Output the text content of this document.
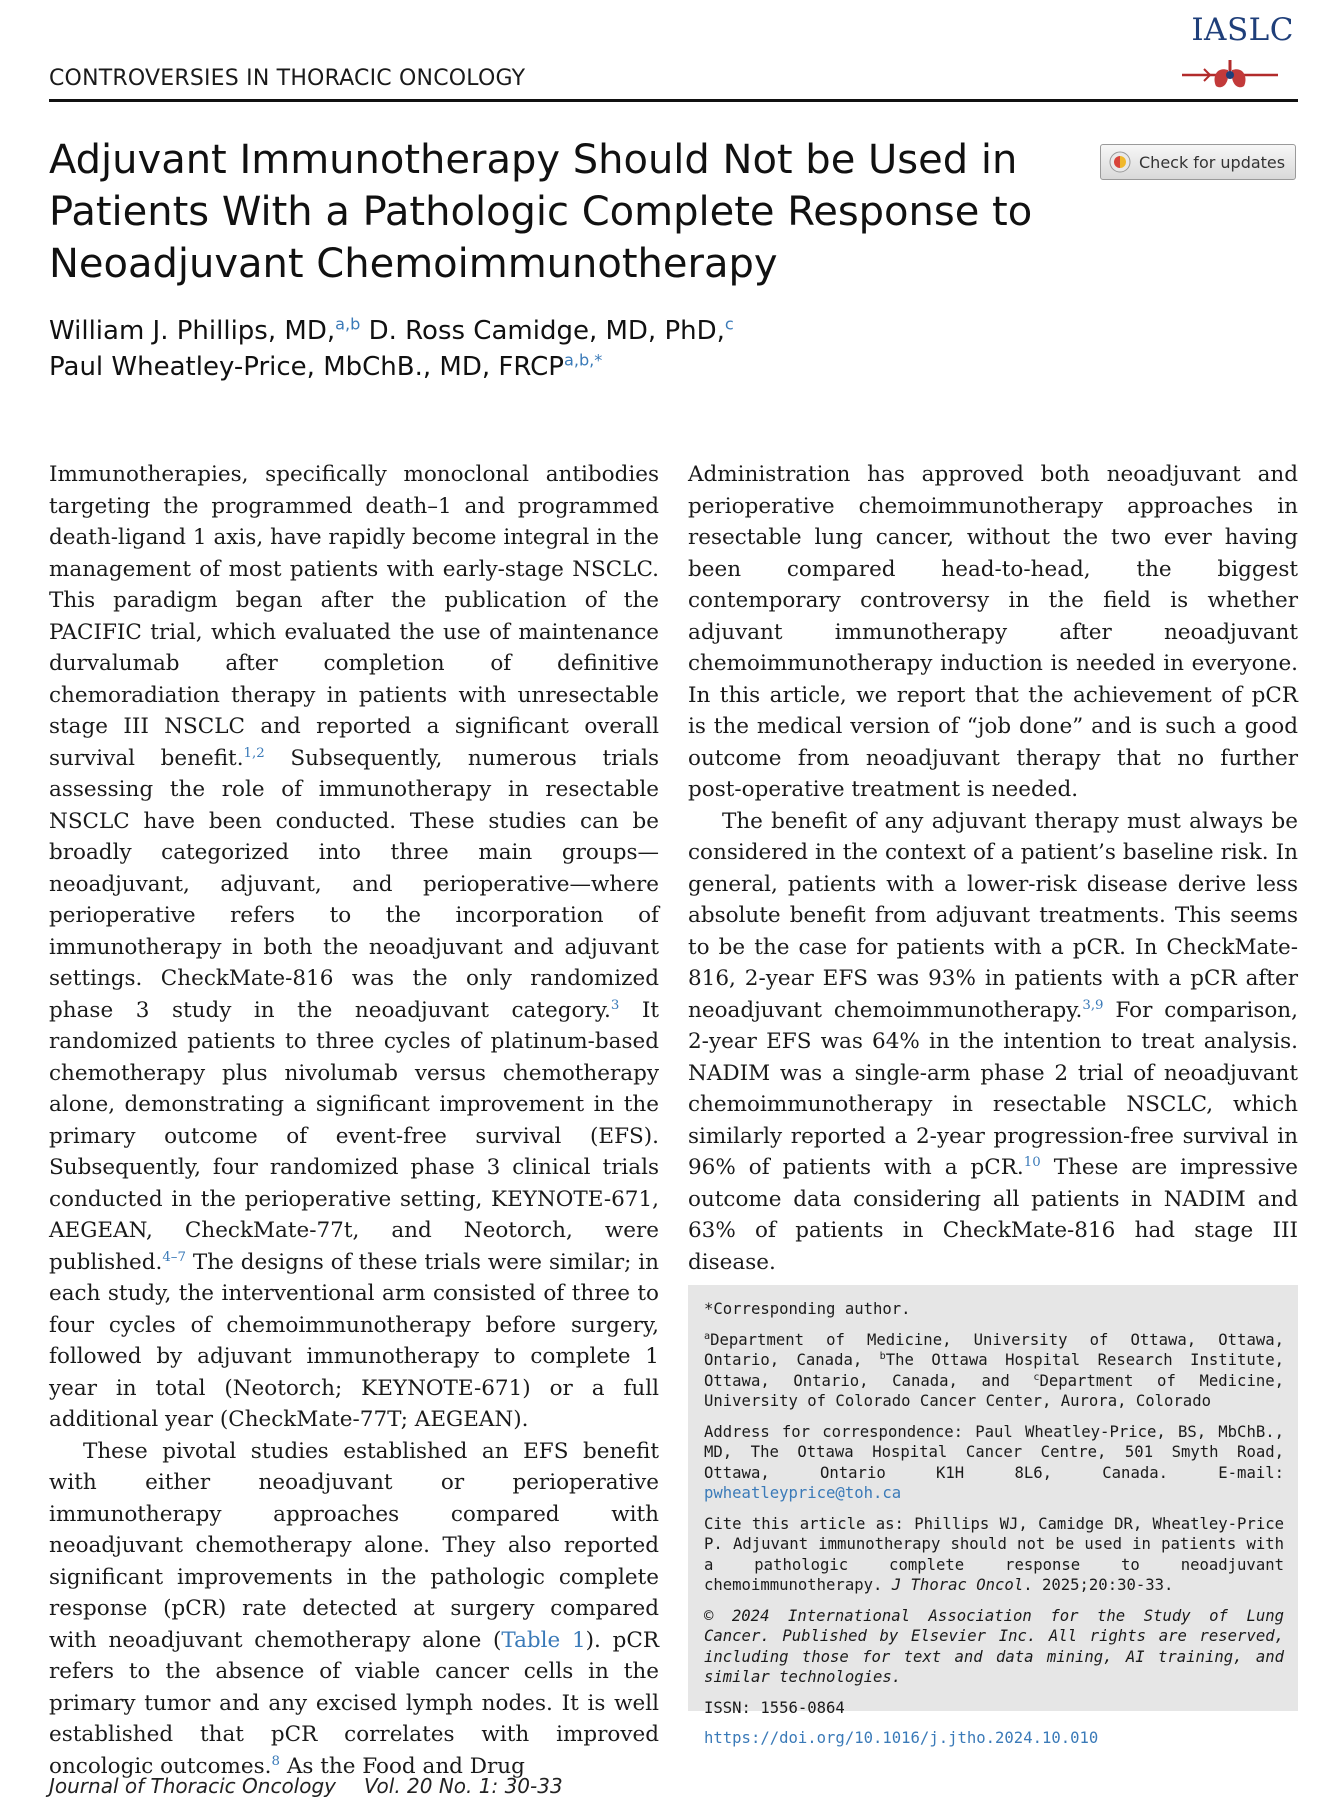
CONTROVERSIES IN THORACIC ONCOLOGY
IASLC
Adjuvant Immunotherapy Should Not be Used in Patients With a Pathologic Complete Response to Neoadjuvant Chemoimmunotherapy
Check for updates
William J. Phillips, MD,$^{a,b}$ D. Ross Camidge, MD, PhD,$^c$
Paul Wheatley-Price, MbChB., MD, $FRCP^{a,b,*}$

Immunotherapies, specifically monoclonal antibodies targeting the programmed death–1 and programmed death-ligand 1 axis, have rapidly become integral in the management of most patients with early-stage NSCLC. This paradigm began after the publication of the PACIFIC trial, which evaluated the use of maintenance durvalumab after completion of definitive chemoradiation therapy in patients with unresectable stage III NSCLC and reported a significant overall survival benefit.$^{1,2}$ Subsequently, numerous trials assessing the role of immunotherapy in resectable NSCLC have been conducted. These studies can be broadly categorized into three main groups—neoadjuvant, adjuvant, and perioperative—where perioperative refers to the incorporation of immunotherapy in both the neoadjuvant and adjuvant settings. CheckMate-816 was the only randomized phase 3 study in the neoadjuvant category.$^3$ It randomized patients to three cycles of platinum-based chemotherapy plus nivolumab versus chemotherapy alone, demonstrating a significant improvement in the primary outcome of event-free survival (EFS). Subsequently, four randomized phase 3 clinical trials conducted in the perioperative setting, KEYNOTE-671, AEGEAN, CheckMate-77t, and Neotorch, were published.$^{4-7}$ The designs of these trials were similar; in each study, the interventional arm consisted of three to four cycles of chemoimmunotherapy before surgery, followed by adjuvant immunotherapy to complete 1 year in total (Neotorch; KEYNOTE-671) or a full additional year (CheckMate-77T; AEGEAN).

These pivotal studies established an EFS benefit with either neoadjuvant or perioperative immunotherapy approaches compared with neoadjuvant chemotherapy alone. They also reported significant improvements in the pathologic complete response (pCR) rate detected at surgery compared with neoadjuvant chemotherapy alone (Table 1). pCR refers to the absence of viable cancer cells in the primary tumor and any excised lymph nodes. It is well established that pCR correlates with improved oncologic outcomes.$^8$ As the Food and Drug

Administration has approved both neoadjuvant and perioperative chemoimmunotherapy approaches in resectable lung cancer, without the two ever having been compared head-to-head, the biggest contemporary controversy in the field is whether adjuvant immunotherapy after neoadjuvant chemoimmunotherapy induction is needed in everyone. In this article, we report that the achievement of pCR is the medical version of “job done” and is such a good outcome from neoadjuvant therapy that no further post-operative treatment is needed.

The benefit of any adjuvant therapy must always be considered in the context of a patient’s baseline risk. In general, patients with a lower-risk disease derive less absolute benefit from adjuvant treatments. This seems to be the case for patients with a pCR. In CheckMate-816, 2-year EFS was 93% in patients with a pCR after neoadjuvant chemoimmunotherapy.$^{3,9}$ For comparison, 2-year EFS was 64% in the intention to treat analysis. NADIM was a single-arm phase 2 trial of neoadjuvant chemoimmunotherapy in resectable NSCLC, which similarly reported a 2-year progression-free survival in 96% of patients with a pCR.$^{10}$ These are impressive outcome data considering all patients in NADIM and 63% of patients in CheckMate-816 had stage III disease.

*Corresponding author.

$^a$Department of Medicine, University of Ottawa, Ottawa, Ontario, Canada, $^b$The Ottawa Hospital Research Institute, Ottawa, Ontario, Canada, and $^c$Department of Medicine, University of Colorado Cancer Center, Aurora, Colorado

Address for correspondence: Paul Wheatley-Price, BS, MbChB., MD, The Ottawa Hospital Cancer Centre, 501 Smyth Road, Ottawa, Ontario K1H 8L6, Canada. E-mail: pwheatleyprice@toh.ca

Cite this article as: Phillips WJ, Camidge DR, Wheatley-Price P. Adjuvant immunotherapy should not be used in patients with a pathologic complete response to neoadjuvant chemoimmunotherapy. J Thorac Oncol. 2025;20:30-33.

© 2024 International Association for the Study of Lung Cancer. Published by Elsevier Inc. All rights are reserved, including those for text and data mining, AI training, and similar technologies.

ISSN: 1556-0864

https://doi.org/10.1016/j.jtho.2024.10.010

Journal of Thoracic Oncology Vol. 20 No. 1: 30-33
